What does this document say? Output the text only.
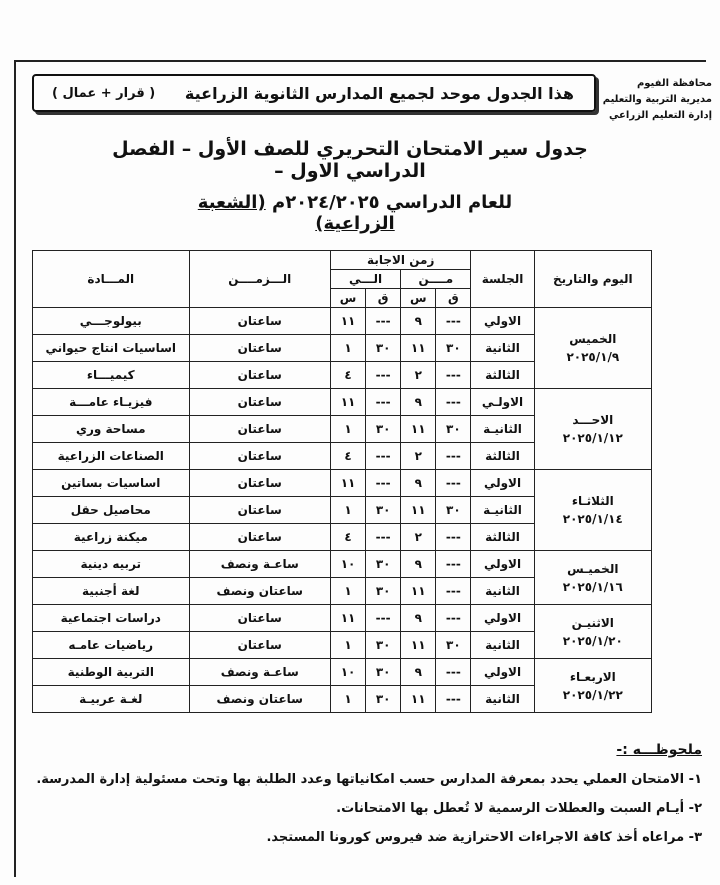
محافظة الفيوم
مديرية التربية والتعليم
إدارة التعليم الزراعي
هذا الجدول موحد لجميع المدارس الثانوية الزراعية
( قرار + عمال )
جدول سير الامتحان التحريري للصف الأول – الفصل الدراسي الاول –
للعام الدراسي ٢٠٢٤/٢٠٢٥م (الشعبة الزراعية)
اليوم والتاريخ	الجلسة	زمن الاجابة				الـــزمــــن	المـــادة
		مــــن		الـــي			
		ق	س	ق	س		

الخميس
٢٠٢٥/١/٩	الاولي	---	٩	---	١١	ساعتان	بيولوجـــي
	الثانية	٣٠	١١	٣٠	١	ساعتان	اساسيات انتاج حيواني
	الثالثة	---	٢	---	٤	ساعتان	كيميـــاء

الاحـــد
٢٠٢٥/١/١٢	الاولـي	---	٩	---	١١	ساعتان	فيزيـاء عامـــة
	الثانيـة	٣٠	١١	٣٠	١	ساعتان	مساحة وري
	الثالثة	---	٢	---	٤	ساعتان	الصناعات الزراعية

الثلاثـاء
٢٠٢٥/١/١٤	الاولي	---	٩	---	١١	ساعتان	اساسيات بساتين
	الثانيـة	٣٠	١١	٣٠	١	ساعتان	محاصيل حقل
	الثالثة	---	٢	---	٤	ساعتان	ميكنة زراعية

الخميـس
٢٠٢٥/١/١٦	الاولي	---	٩	٣٠	١٠	ساعـة ونصف	تربيه دينية
	الثانية	---	١١	٣٠	١	ساعتان ونصف	لغة أجنبية

الاثنيـن
٢٠٢٥/١/٢٠	الاولي	---	٩	---	١١	ساعتان	دراسات اجتماعية
	الثانية	٣٠	١١	٣٠	١	ساعتان	رياضيات عامـه

الاربعـاء
٢٠٢٥/١/٢٢	الاولي	---	٩	٣٠	١٠	ساعـة ونصف	التربية الوطنية
	الثانية	---	١١	٣٠	١	ساعتان ونصف	لغـة عربيـة
ملحوظـــه :-
١- الامتحان العملي يحدد بمعرفة المدارس حسب امكانياتها وعدد الطلبة بها وتحت مسئولية إدارة المدرسة.
٢- أيـام السبت والعطلات الرسمية لا تُعطل بها الامتحانات.
٣- مراعاه أخذ كافة الاجراءات الاحترازية ضد فيروس كورونا المستجد.
